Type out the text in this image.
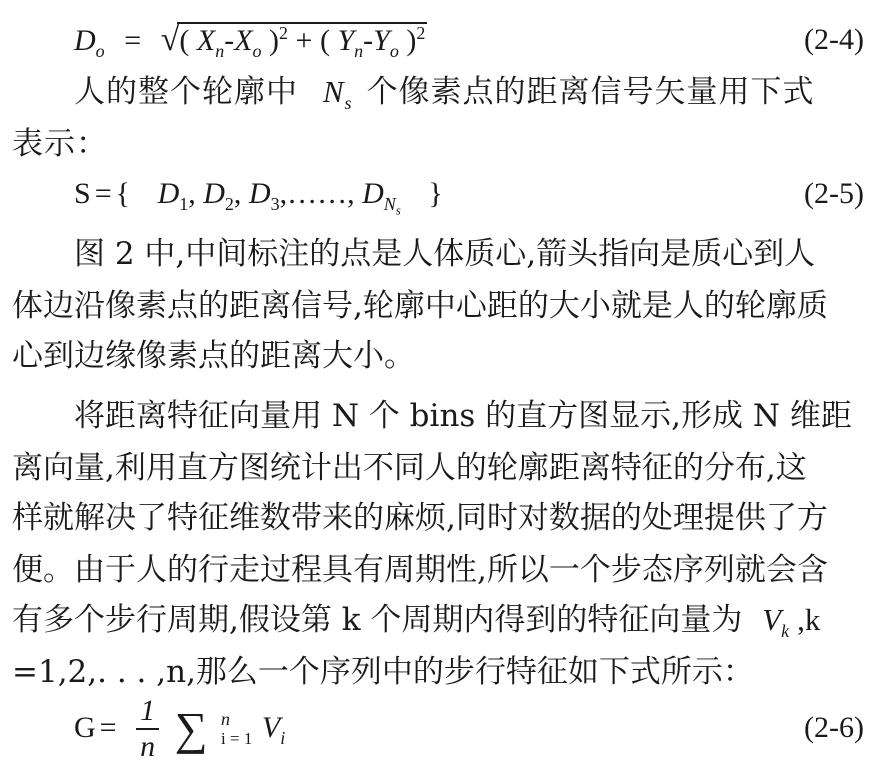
$D_o$ = √( $X_n-X_o$ )$^2$ + ( $Y_n-Y_o$ )$^2$	(2-4)
人的整个轮廓中 $N_s$ 个像素点的距离信号矢量用下式
表示：
S = { $D_1$, $D_2$, $D_3,\dots\dots$, $D_{N_s}$ }	(2-5)
图 2 中,中间标注的点是人体质心,箭头指向是质心到人
体边沿像素点的距离信号,轮廓中心距的大小就是人的轮廓质
心到边缘像素点的距离大小。
将距离特征向量用 N 个 bins 的直方图显示,形成 N 维距
离向量,利用直方图统计出不同人的轮廓距离特征的分布,这
样就解决了特征维数带来的麻烦,同时对数据的处理提供了方
便。由于人的行走过程具有周期性,所以一个步态序列就会含
有多个步行周期,假设第 k 个周期内得到的特征向量为 $V_k$ ,k
=1,2,. . . ,n,那么一个序列中的步行特征如下式所示：
$G = \frac{1}{n}$ ∑ n
i = 1 $V_i$	(2-6)
